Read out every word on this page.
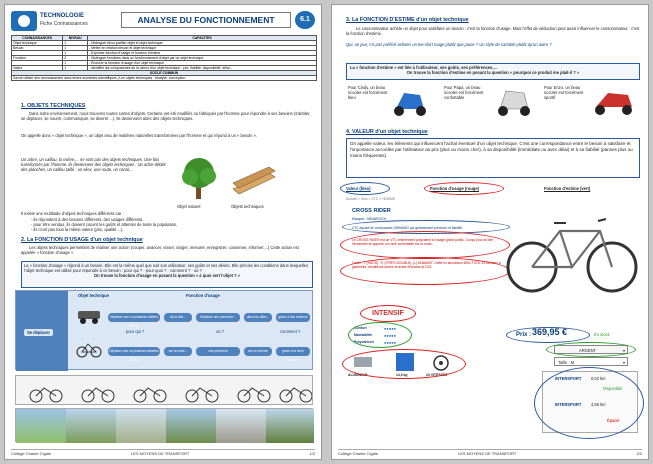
TECHNOLOGIE
Fiche Connaissances	ANALYSE DU FONCTIONNEMENT	6.1
CONNAISSANCES	NIVEAU	CAPACITES
Objet technique	1	- Distinguer et/ou justifier objet et objet technique
Besoin	1	- Mettre en relation besoin et objet technique
	1	- Exprimer fonction d'usage et fonction d'estime
Fonction	2	- Distinguer fonctions dans un fonctionnement d'objet par un objet technique
	1	- Énoncer la fonction d'usage d'un objet technique
Valeur	1	- Identifier les composantes de la valeur d'un objet technique : prix, fiabilité, disponibilité, délai...
SOCLE COMMUN		
Savoir utiliser des connaissances dans divers domaines scientifiques | Les objets techniques : Analyse, conception.		
1. OBJETS TECHNIQUES
Dans notre environnement, nous trouvons toutes sortes d'objets. Certains ont été modifiés ou fabriqués par l'homme pour répondre à ses besoins (s'abriter, se déplacer, se nourrir, communiquer, se divertir ...). Ils deviennent alors des objets techniques.
On appelle donc « objet technique », un objet issu de matières naturelles transformées par l'homme et qui répond à un « besoin ».
Un arbre, un caillou, la rivière,... ne sont pas des objets techniques. Une fois transformés par l'homme, ils deviennent des objets techniques : Un arbre débité : des planches, un caillou taillé : un silex, une route, un canal,...
Objet naturel	Objets techniques
Il existe une multitude d'objets techniques différents car :
- ils répondent à des besoins différents, des usages différents,
- pour être vendus, ils doivent couvrir les goûts et attentes de toute la population,
- ils n'ont pas tous la même valeur (prix, qualité ...).
2. La FONCTION D'USAGE d'un objet technique
Les objets techniques permettent de réaliser une action (couper, avancer, visser, ranger, mesurer, enregistrer, conserver, informer,...) Cette action est appelée « fonction d'usage ».
La « fonction d'usage » répond à un besoin. Elle est la même quel que soit son utilisateur, ses goûts et ses désirs. Elle précise les conditions dans lesquelles l'objet technique est utilisé pour répondre à ce besoin : pour qui ? - pour quoi ? - comment ? - où ?
On trouve la fonction d'usage en posant la question « à quoi sert l'objet ? »
Objet technique	Fonction d'usage
Se déplacer
Déplacer une ou plusieurs milliers de kg
de la ville...	Déplacer une personne...	dans les villes...	grâce à des moteurs
pour qui ?	où ?	comment ?
Déplacer une ou plusieurs dizaines de kg
sur la route...	une personne	sur un chemin	grâce à la force humaine
Collège Chante Cigale	LES MOYENS DE TRANSPORT	1/2
3. La FONCTION D'ESTIME d'un objet technique
Le consommateur achète un objet pour satisfaire un besoin : c'est la fonction d'usage. Mais l'effet de séduction peut aussi influencer le consommateur : c'est la fonction d'estime.
Qui, un jour, n'a pas préféré acheter un tee-shirt rouge plutôt que jaune ? Un style de cartable plutôt qu'un autre ?
La « fonction d'estime » est liée à l'utilisateur, ses goûts, ses préférences,...
On trouve la fonction d'estime en posant la question « pourquoi ce produit me plait-il ? »
Pour Cindy, un beau scooter est forcément bleu
Pour Papa, un beau scooter est forcément confortable
Pour Enzo, un beau scooter est forcément sportif
4. VALEUR d'un objet technique
On appelle valeur, les éléments qui influencent l'achat éventuel d'un objet technique. C'est une correspondance entre le besoin à satisfaire et l'importance accordée par l'utilisateur au prix (plus ou moins cher), à sa disponibilité (immédiate ou avec délai) et à sa fiabilité (pannes plus ou moins fréquentes).
Valeur (bleu)	Fonction d'usage (rouge)	Fonction d'estime (vert)
Accueil > Vélo > VTC > HOMME
CROSS RIDER
Marque : MINAROCK
VTC équipé de composants SHIMANO qui garantissent précision et fiabilité.
Le CROSS RIDER est un VTC entièrement polyvalent à l'usage grand public. Conçu pour la ville l'ensemble lui apporte un roulé confortable sur la route...
Cadre : 7 (HATIS), 'S' (TRIPO-DOUBLE), (L) DIAMANT. Cette en aluminium 6061 T4T6. 24 vitesses à gâchettes, dérailleurs arrière et avant Shimano ALTUS.
INTENSIF
Confort	●●●●●
Maniabilité	●●●●●
Polyvalence ●●●●●
Prix : 369,95 €	En stock
ARGENT	▾
Taille : M	▾
ALUMINIUM	14,3 kg	24 VITESSES
INTERSPORT 0,02 km
Disponible
INTERSPORT 4,55 km
Épuisé
Collège Chante Cigale	LES MOYENS DE TRANSPORT	2/2
